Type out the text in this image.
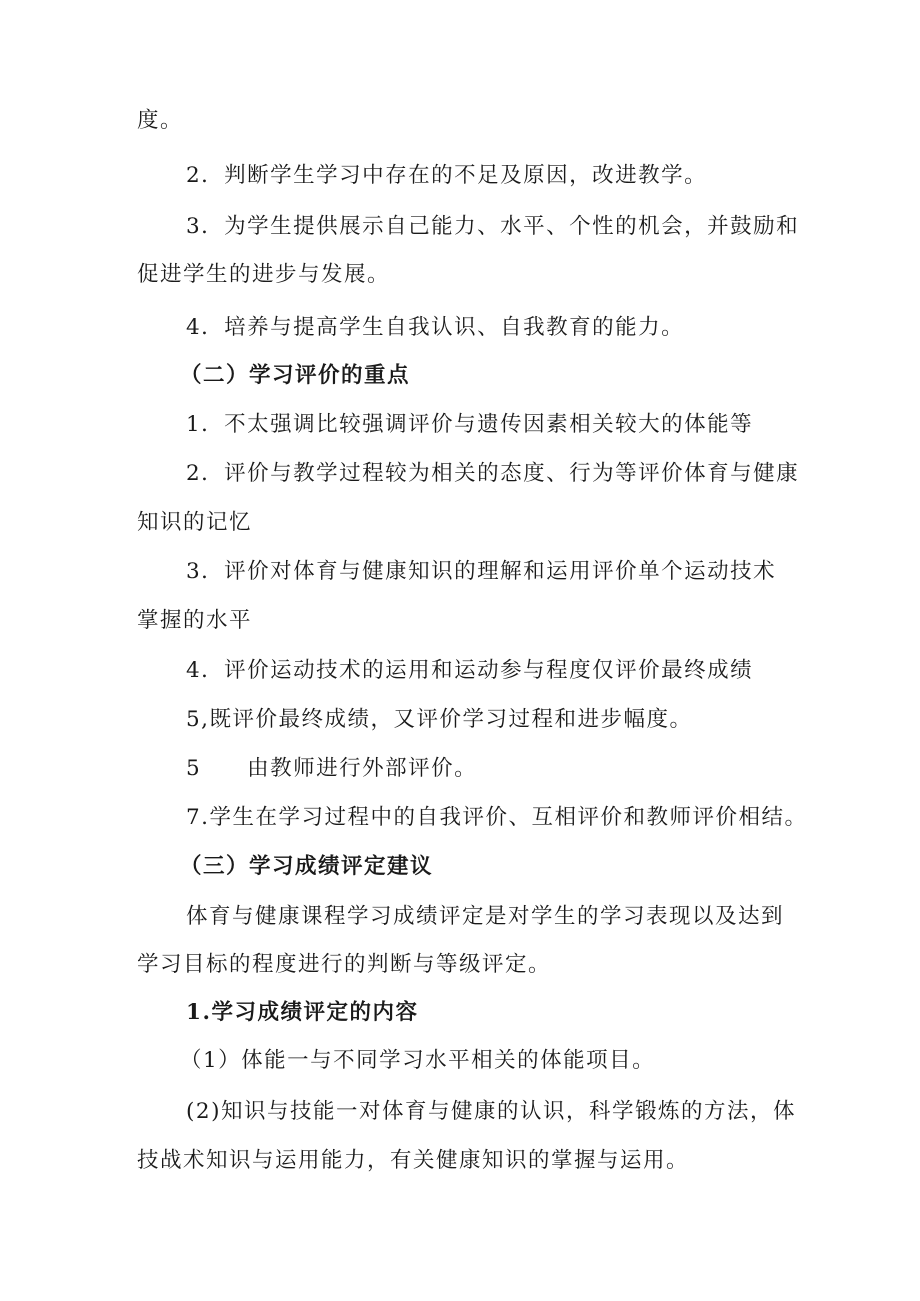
度。
2．判断学生学习中存在的不足及原因，改进教学。
3．为学生提供展示自己能力、水平、个性的机会，并鼓励和
促进学生的进步与发展。
4．培养与提高学生自我认识、自我教育的能力。
（二）学习评价的重点
1．不太强调比较强调评价与遗传因素相关较大的体能等
2．评价与教学过程较为相关的态度、行为等评价体育与健康
知识的记忆
3．评价对体育与健康知识的理解和运用评价单个运动技术
掌握的水平
4．评价运动技术的运用和运动参与程度仅评价最终成绩
5,既评价最终成绩，又评价学习过程和进步幅度。
5　　由教师进行外部评价。
7.学生在学习过程中的自我评价、互相评价和教师评价相结。
（三）学习成绩评定建议
体育与健康课程学习成绩评定是对学生的学习表现以及达到
学习目标的程度进行的判断与等级评定。
1.学习成绩评定的内容
（1）体能一与不同学习水平相关的体能项目。
(2)知识与技能一对体育与健康的认识，科学锻炼的方法，体
技战术知识与运用能力，有关健康知识的掌握与运用。
